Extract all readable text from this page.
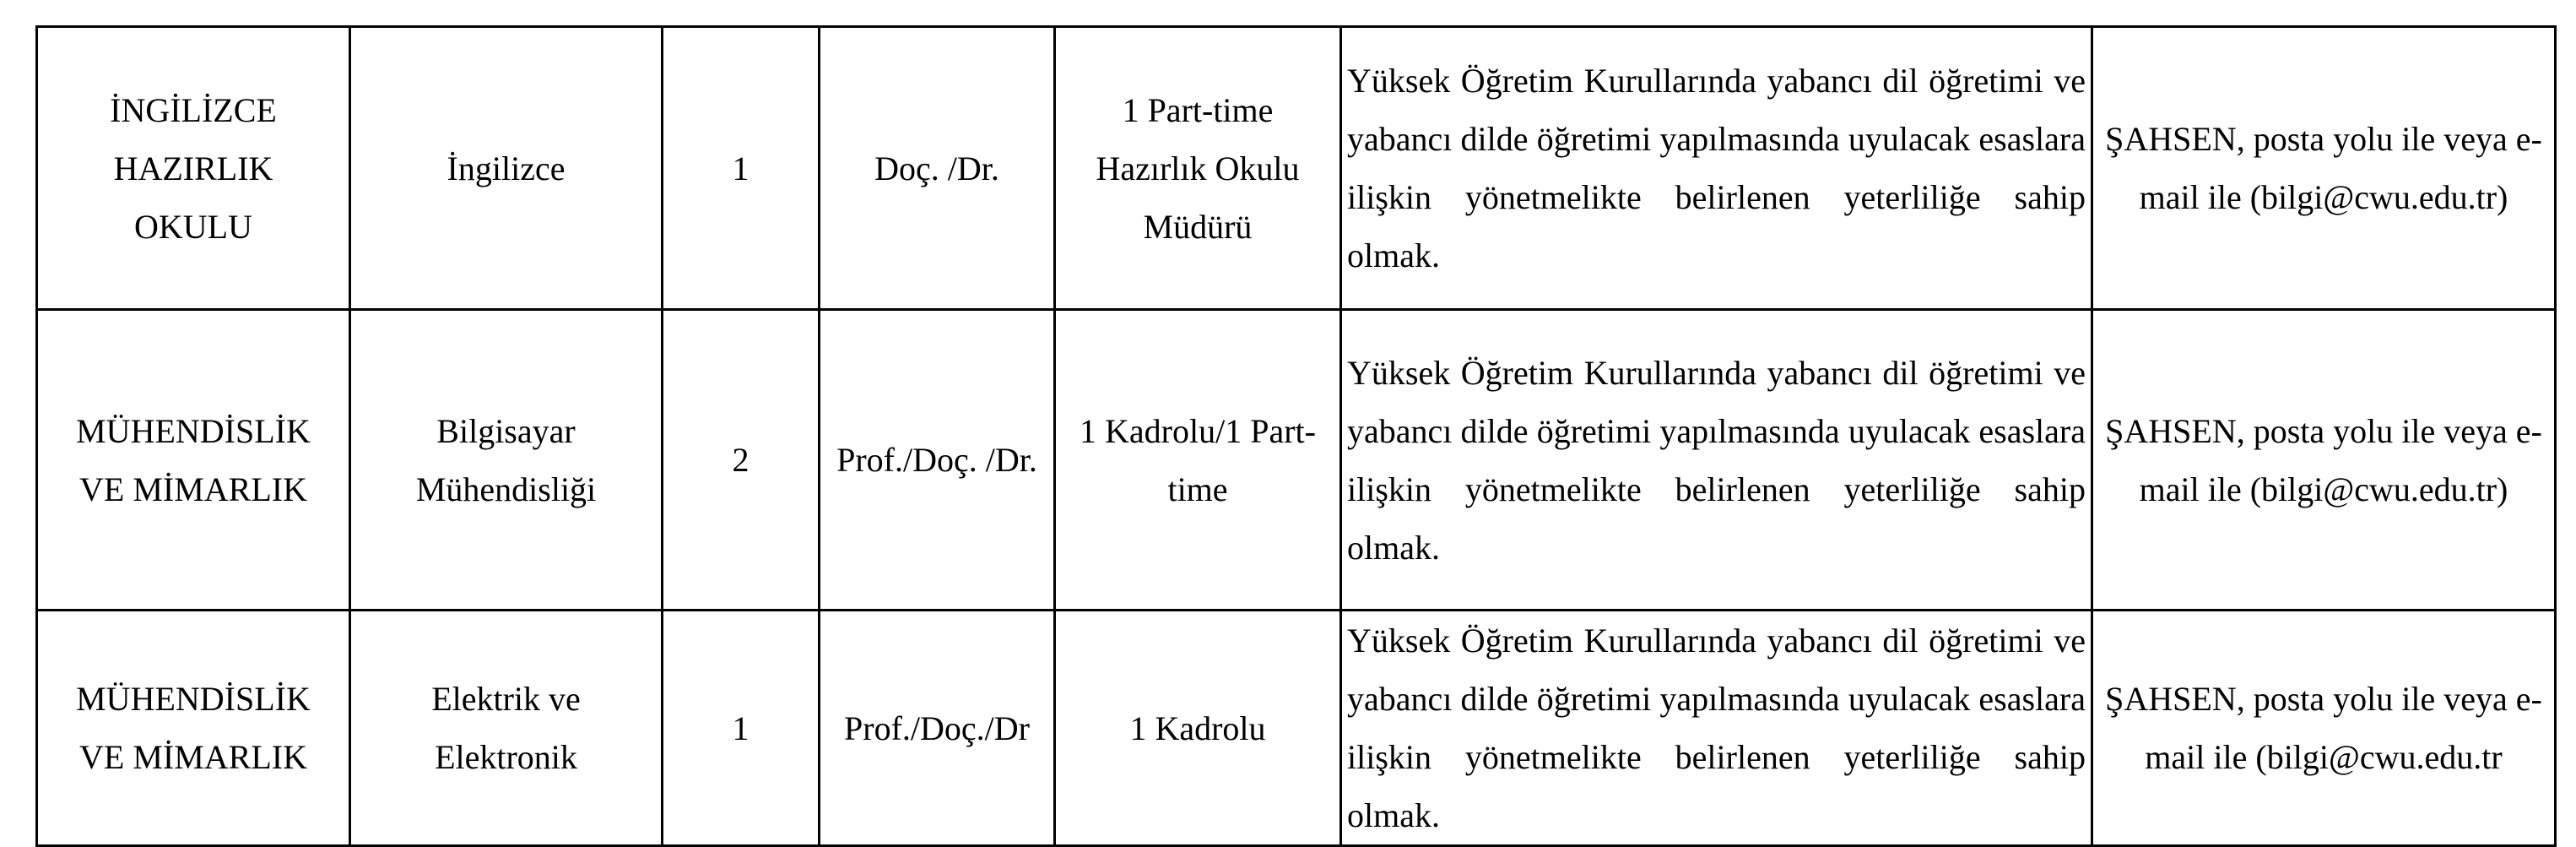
İNGİLİZCE HAZIRLIK OKULU	İngilizce	1	Doç. /Dr.	1 Part-time Hazırlık Okulu Müdürü	Yüksek Öğretim Kurullarında yabancı dil öğretimi ve yabancı dilde öğretimi yapılmasında uyulacak esaslara ilişkin yönetmelikte belirlenen yeterliliğe sahip olmak.	ŞAHSEN, posta yolu ile veya e-mail ile (bilgi@cwu.edu.tr)

MÜHENDİSLİK VE MİMARLIK	Bilgisayar Mühendisliği	2	Prof./Doç. /Dr.	1 Kadrolu/1 Part-time	Yüksek Öğretim Kurullarında yabancı dil öğretimi ve yabancı dilde öğretimi yapılmasında uyulacak esaslara ilişkin yönetmelikte belirlenen yeterliliğe sahip olmak.	ŞAHSEN, posta yolu ile veya e-mail ile (bilgi@cwu.edu.tr)

MÜHENDİSLİK VE MİMARLIK	Elektrik ve Elektronik	1	Prof./Doç./Dr	1 Kadrolu	Yüksek Öğretim Kurullarında yabancı dil öğretimi ve yabancı dilde öğretimi yapılmasında uyulacak esaslara ilişkin yönetmelikte belirlenen yeterliliğe sahip olmak.	ŞAHSEN, posta yolu ile veya e-mail ile (bilgi@cwu.edu.tr
